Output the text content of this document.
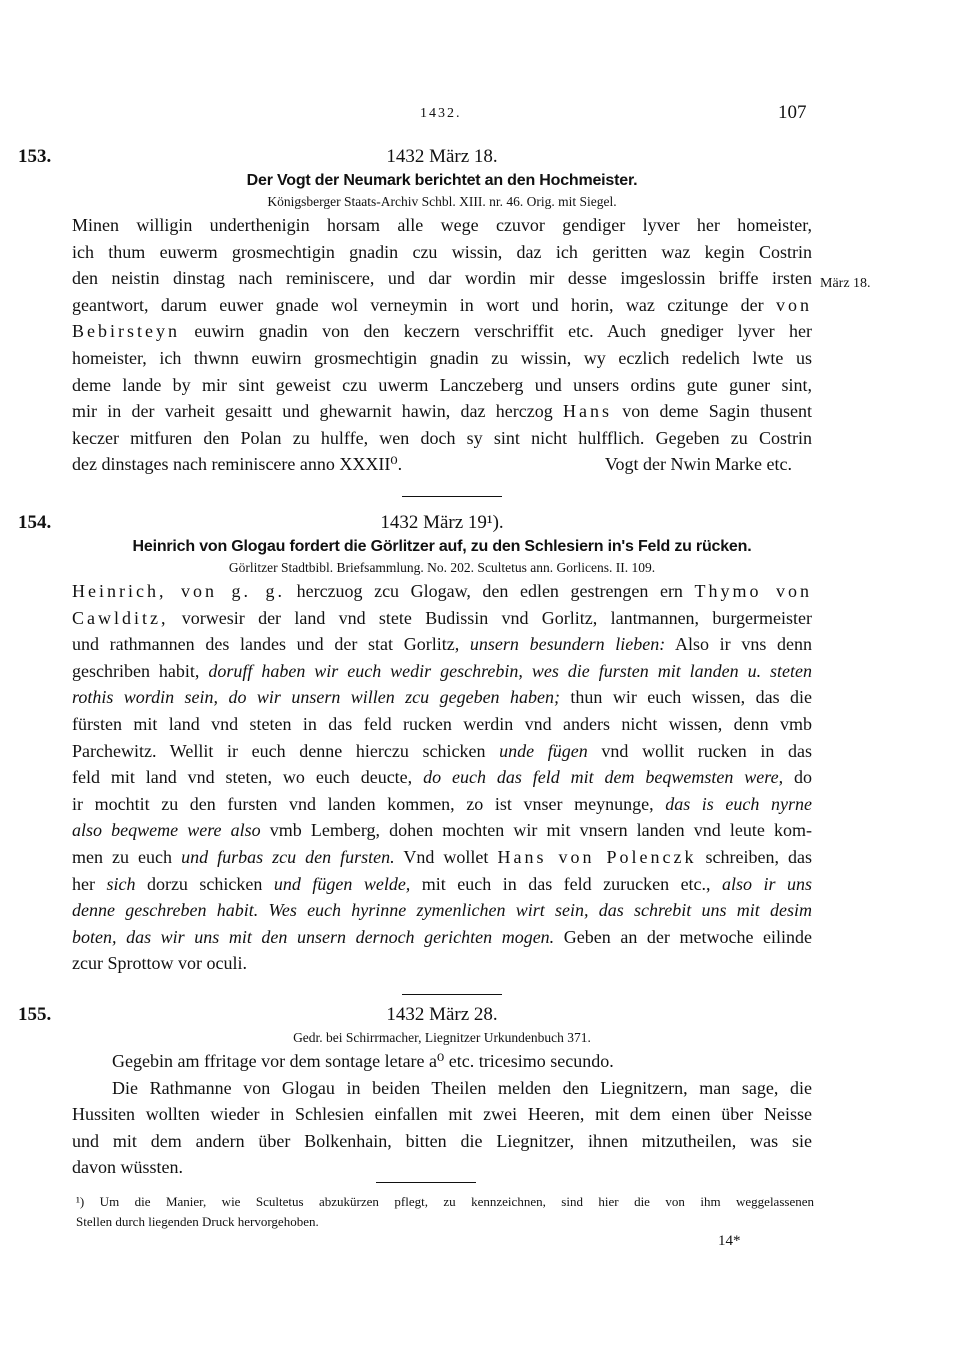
1432.	107
153.	1432 März 18.
Der Vogt der Neumark berichtet an den Hochmeister.
Königsberger Staats-Archiv Schbl. XIII. nr. 46. Orig. mit Siegel.
Minen willigin underthenigin horsam alle wege czuvor gendiger lyver her homeister,
ich thum euwerm grosmechtigin gnadin czu wissin, daz ich geritten waz kegin Costrin
den neistin dinstag nach reminiscere, und dar wordin mir desse imgeslossin briffe irsten
geantwort, darum euwer gnade wol verneymin in wort und horin, waz czitunge der von
Bebirsteyn euwirn gnadin von den keczern verschriffit etc. Auch gnediger lyver her
homeister, ich thwnn euwirn grosmechtigin gnadin zu wissin, wy eczlich redelich lwte us
deme lande by mir sint geweist czu uwerm Lanczeberg und unsers ordins gute guner sint,
mir in der varheit gesaitt und ghewarnit hawin, daz herczog Hans von deme Sagin thusent
keczer mitfuren den Polan zu hulffe, wen doch sy sint nicht hulfflich. Gegeben zu Costrin
dez dinstages nach reminiscere anno XXXII⁰.	Vogt der Nwin Marke etc.
März 18.
154.	1432 März 19¹).
Heinrich von Glogau fordert die Görlitzer auf, zu den Schlesiern in's Feld zu rücken.
Görlitzer Stadtbibl. Briefsammlung. No. 202. Scultetus ann. Gorlicens. II. 109.
Heinrich, von g. g. herczuog zcu Glogaw, den edlen gestrengen ern Thymo von
Cawlditz, vorwesir der land vnd stete Budissin vnd Gorlitz, lantmannen, burgermeister
und rathmannen des landes und der stat Gorlitz, unsern besundern lieben: Also ir vns denn
geschriben habit, doruff haben wir euch wedir geschrebin, wes die fursten mit landen u. steten
rothis wordin sein, do wir unsern willen zcu gegeben haben; thun wir euch wissen, das die
fürsten mit land vnd steten in das feld rucken werdin vnd anders nicht wissen, denn vmb
Parchewitz. Wellit ir euch denne hierczu schicken unde fügen vnd wollit rucken in das
feld mit land vnd steten, wo euch deucte, do euch das feld mit dem beqwemsten were, do
ir mochtit zu den fursten vnd landen kommen, zo ist vnser meynunge, das is euch nyrne
also beqweme were also vmb Lemberg, dohen mochten wir mit vnsern landen vnd leute kom-
men zu euch und furbas zcu den fursten. Vnd wollet Hans von Polenczk schreiben, das
her sich dorzu schicken und fügen welde, mit euch in das feld zurucken etc., also ir uns
denne geschreben habit. Wes euch hyrinne zymenlichen wirt sein, das schrebit uns mit desim
boten, das wir uns mit den unsern dernoch gerichten mogen. Geben an der metwoche eilinde
zcur Sprottow vor oculi.
155.	1432 März 28.
Gedr. bei Schirrmacher, Liegnitzer Urkundenbuch 371.
Gegebin am ffritage vor dem sontage letare a⁰ etc. tricesimo secundo.
Die Rathmanne von Glogau in beiden Theilen melden den Liegnitzern, man sage, die
Hussiten wollten wieder in Schlesien einfallen mit zwei Heeren, mit dem einen über Neisse
und mit dem andern über Bolkenhain, bitten die Liegnitzer, ihnen mitzutheilen, was sie
davon wüssten.
¹) Um die Manier, wie Scultetus abzukürzen pflegt, zu kennzeichnen, sind hier die von ihm weggelassenen
Stellen durch liegenden Druck hervorgehoben.
14*
